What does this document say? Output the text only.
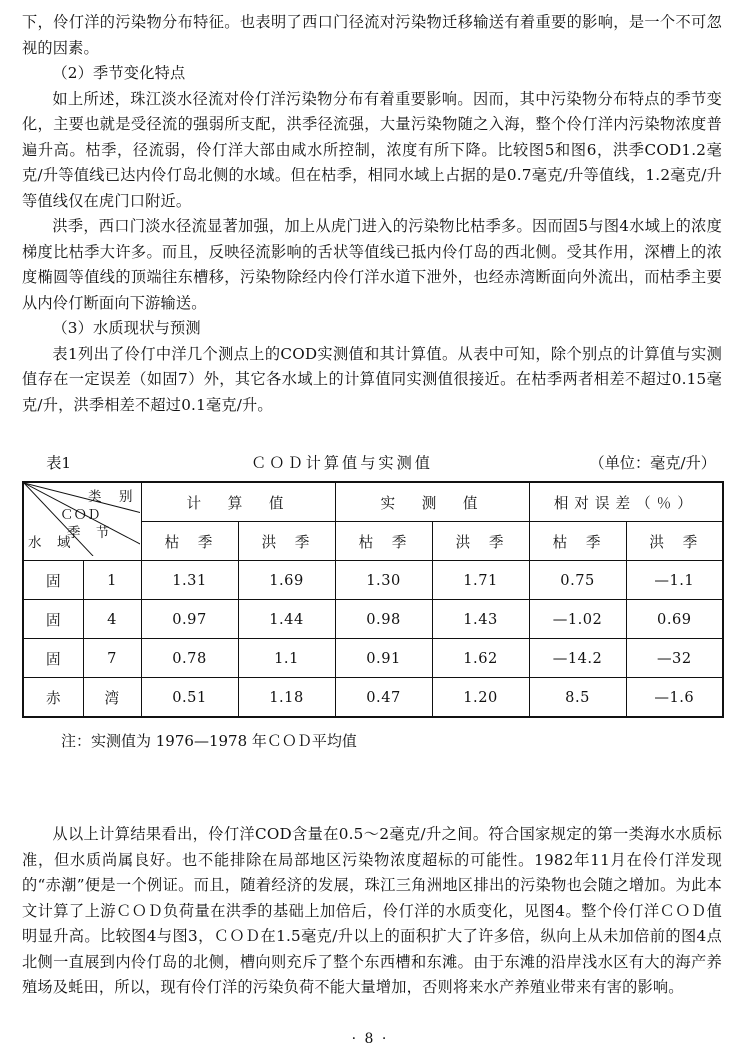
下，伶仃洋的污染物分布特征。也表明了西口门径流对污染物迁移输送有着重要的影响，是一个不可忽视的因素。

（2）季节变化特点

如上所述，珠江淡水径流对伶仃洋污染物分布有着重要影响。因而，其中污染物分布特点的季节变化，主要也就是受径流的强弱所支配，洪季径流强，大量污染物随之入海，整个伶仃洋内污染物浓度普遍升高。枯季，径流弱，伶仃洋大部由咸水所控制，浓度有所下降。比较图5和图6，洪季COD1.2毫克/升等值线已达内伶仃岛北侧的水域。但在枯季，相同水域上占据的是0.7毫克/升等值线，1.2毫克/升等值线仅在虎门口附近。

洪季，西口门淡水径流显著加强，加上从虎门进入的污染物比枯季多。因而固5与图4水域上的浓度梯度比枯季大许多。而且，反映径流影响的舌状等值线已抵内伶仃岛的西北侧。受其作用，深槽上的浓度椭圆等值线的顶端往东槽移，污染物除经内伶仃洋水道下泄外，也经赤湾断面向外流出，而枯季主要从内伶仃断面向下游输送。

（3）水质现状与预测

表1列出了伶仃中洋几个测点上的COD实测值和其计算值。从表中可知，除个别点的计算值与实测值存在一定误差（如固7）外，其它各水域上的计算值同实测值很接近。在枯季两者相差不超过0.15毫克/升，洪季相差不超过0.1毫克/升。

表1	ＣＯＤ计算值与实测值	（单位：毫克/升）
类　别
季　节
ＣＯＤ
水　域		计　算　值		实　测　值		相对误差（％）	
		枯　季	洪　季	枯　季	洪　季	枯　季	洪　季
固	1	1.31	1.69	1.30	1.71	0.75	—1.1
固	4	0.97	1.44	0.98	1.43	—1.02	0.69
固	7	0.78	1.1	0.91	1.62	—14.2	—32
赤	湾	0.51	1.18	0.47	1.20	8.5	—1.6
注：实测值为 1976—1978 年ＣＯＤ平均值

从以上计算结果看出，伶仃洋COD含量在0.5～2毫克/升之间。符合国家规定的第一类海水水质标准，但水质尚属良好。也不能排除在局部地区污染物浓度超标的可能性。1982年11月在伶仃洋发现的“赤潮”便是一个例证。而且，随着经济的发展，珠江三角洲地区排出的污染物也会随之增加。为此本文计算了上游ＣＯＤ负荷量在洪季的基础上加倍后，伶仃洋的水质变化，见图4。整个伶仃洋ＣＯＤ值明显升高。比较图4与图3，ＣＯＤ在1.5毫克/升以上的面积扩大了许多倍，纵向上从未加倍前的图4点北侧一直展到内伶仃岛的北侧，槽向则充斥了整个东西槽和东滩。由于东滩的沿岸浅水区有大的海产养殖场及蚝田，所以，现有伶仃洋的污染负荷不能大量增加，否则将来水产养殖业带来有害的影响。

· 8 ·
